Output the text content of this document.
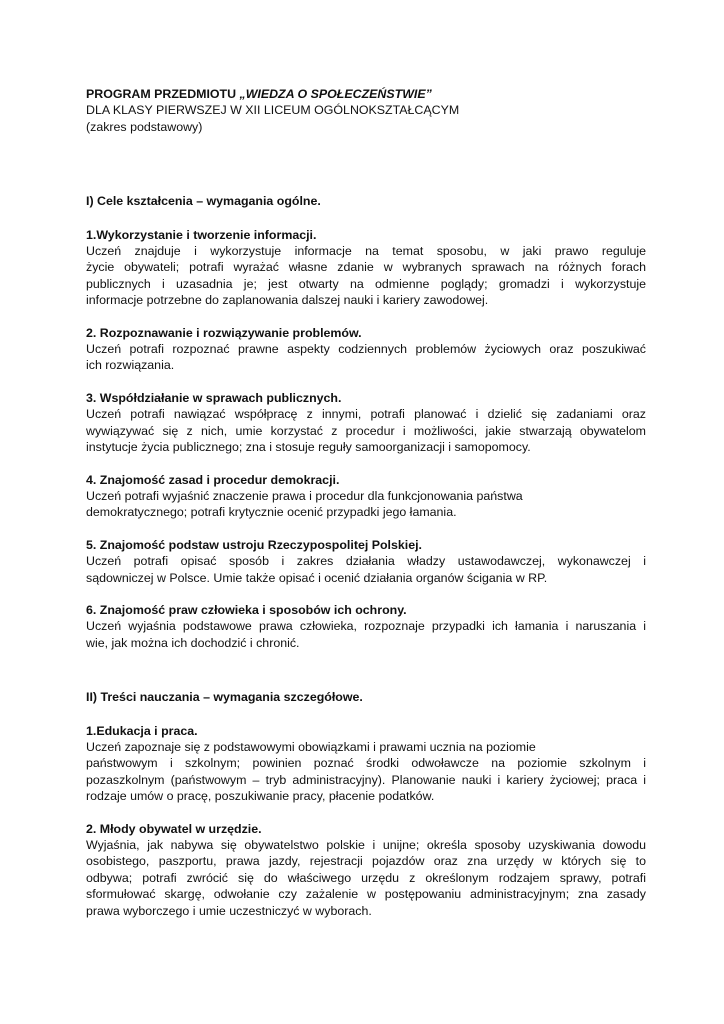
PROGRAM PRZEDMIOTU „WIEDZA O SPOŁECZEŃSTWIE”
DLA KLASY PIERWSZEJ W XII LICEUM OGÓLNOKSZTAŁCĄCYM
(zakres podstawowy)

I) Cele kształcenia – wymagania ogólne.

1.Wykorzystanie i tworzenie informacji.

Uczeń znajduje i wykorzystuje informacje na temat sposobu, w jaki prawo reguluje
życie obywateli; potrafi wyrażać własne zdanie w wybranych sprawach na różnych forach
publicznych i uzasadnia je; jest otwarty na odmienne poglądy; gromadzi i wykorzystuje
informacje potrzebne do zaplanowania dalszej nauki i kariery zawodowej.

2. Rozpoznawanie i rozwiązywanie problemów.

Uczeń potrafi rozpoznać prawne aspekty codziennych problemów życiowych oraz poszukiwać
ich rozwiązania.

3. Współdziałanie w sprawach publicznych.

Uczeń potrafi nawiązać współpracę z innymi, potrafi planować i dzielić się zadaniami oraz
wywiązywać się z nich, umie korzystać z procedur i możliwości, jakie stwarzają obywatelom
instytucje życia publicznego; zna i stosuje reguły samoorganizacji i samopomocy.

4. Znajomość zasad i procedur demokracji.

Uczeń potrafi wyjaśnić znaczenie prawa i procedur dla funkcjonowania państwa
demokratycznego; potrafi krytycznie ocenić przypadki jego łamania.

5. Znajomość podstaw ustroju Rzeczypospolitej Polskiej.

Uczeń potrafi opisać sposób i zakres działania władzy ustawodawczej, wykonawczej i
sądowniczej w Polsce. Umie także opisać i ocenić działania organów ścigania w RP.

6. Znajomość praw człowieka i sposobów ich ochrony.

Uczeń wyjaśnia podstawowe prawa człowieka, rozpoznaje przypadki ich łamania i naruszania i
wie, jak można ich dochodzić i chronić.

II) Treści nauczania – wymagania szczegółowe.

1.Edukacja i praca.

Uczeń zapoznaje się z podstawowymi obowiązkami i prawami ucznia na poziomie
państwowym i szkolnym; powinien poznać środki odwoławcze na poziomie szkolnym i
pozaszkolnym (państwowym – tryb administracyjny). Planowanie nauki i kariery życiowej; praca i
rodzaje umów o pracę, poszukiwanie pracy, płacenie podatków.

2. Młody obywatel w urzędzie.

Wyjaśnia, jak nabywa się obywatelstwo polskie i unijne; określa sposoby uzyskiwania dowodu
osobistego, paszportu, prawa jazdy, rejestracji pojazdów oraz zna urzędy w których się to
odbywa; potrafi zwrócić się do właściwego urzędu z określonym rodzajem sprawy, potrafi
sformułować skargę, odwołanie czy zażalenie w postępowaniu administracyjnym; zna zasady
prawa wyborczego i umie uczestniczyć w wyborach.
